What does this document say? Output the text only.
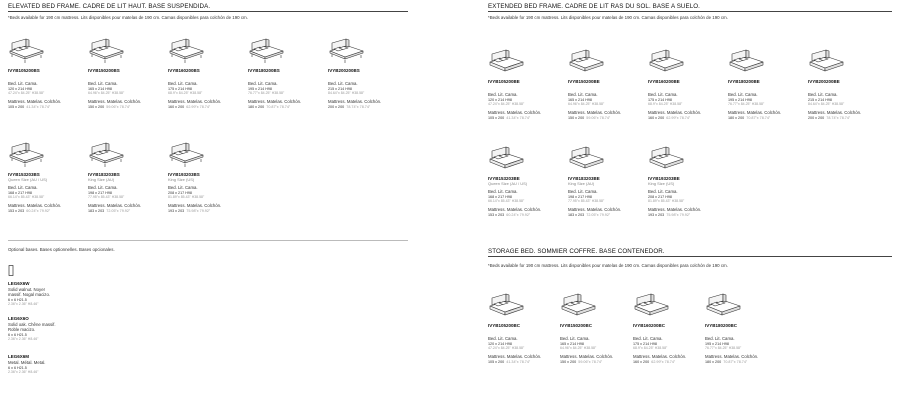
ELEVATED BED FRAME. CADRE DE LIT HAUT. BASE SUSPENDIDA.
*Beds available for 190 cm mattress. Lits disponibles pour matelas de 190 cm. Camas disponibles para colchón de 190 cm.
IVYB105200BS
Bed. Lit. Cama.
120 x 214 H98
47.24"x 84.25" H38.58"
Mattress. Matelas. Colchón.
105 x 200 41.34"x 78.74"
IVYB150200BS
Bed. Lit. Cama.
165 x 214 H98
64.96"x 84.25" H38.58"
Mattress. Matelas. Colchón.
150 x 200 59.06"x 78.74"
IVYB160200BS
Bed. Lit. Cama.
175 x 214 H98
68.9"x 84.25" H38.58"
Mattress. Matelas. Colchón.
160 x 200 62.99"x 78.74"
IVYB180200BS
Bed. Lit. Cama.
195 x 214 H98
76.77"x 84.25" H38.58"
Mattress. Matelas. Colchón.
180 x 200 70.87"x 78.74"
IVYB200200BS
Bed. Lit. Cama.
215 x 214 H98
84.64"x 84.25" H38.58"
Mattress. Matelas. Colchón.
200 x 200 78.74"x 78.74"
IVYB153203BS
Queen Size (AU / US)
Bed. Lit. Cama.
168 x 217 H98
66.14"x 85.43" H38.58"
Mattress. Matelas. Colchón.
153 x 203 60.24"x 79.92"
IVYB183203BS
King Size (AU)
Bed. Lit. Cama.
198 x 217 H98
77.95"x 85.43" H38.58"
Mattress. Matelas. Colchón.
183 x 203 72.05"x 79.92"
IVYB193203BS
King Size (US)
Bed. Lit. Cama.
208 x 217 H98
81.89"x 85.43" H38.58"
Mattress. Matelas. Colchón.
193 x 203 75.98"x 79.92"
Optional bases. Bases optionnelles. Bases opcionales.
LEG6X6W
Solid walnut. Noyer
massif. Nogal macizo.
6 x 6 H21.5
2.36"x 2.36" H8.46"
LEG6X6O
Solid oak. Chêne massif.
Roble macizo.
6 x 6 H21.5
2.36"x 2.36" H8.46"
LEG6X6M
Metal. Métal. Metal.
6 x 6 H21.5
2.36"x 2.36" H8.46"
EXTENDED BED FRAME. CADRE DE LIT RAS DU SOL. BASE A SUELO.
*Beds available for 190 cm mattress. Lits disponibles pour matelas de 190 cm. Camas disponibles para colchón de 190 cm.
IVYB105200BE
Bed. Lit. Cama.
120 x 214 H98
47.24"x 84.25" H38.58"
Mattress. Matelas. Colchón.
105 x 200 41.34"x 78.74"
IVYB150200BE
Bed. Lit. Cama.
165 x 214 H98
64.96"x 84.25" H38.58"
Mattress. Matelas. Colchón.
150 x 200 59.06"x 78.74"
IVYB160200BE
Bed. Lit. Cama.
175 x 214 H98
68.9"x 84.25" H38.58"
Mattress. Matelas. Colchón.
160 x 200 62.99"x 78.74"
IVYB180200BE
Bed. Lit. Cama.
195 x 214 H98
76.77"x 84.25" H38.58"
Mattress. Matelas. Colchón.
180 x 200 70.87"x 78.74"
IVYB200200BE
Bed. Lit. Cama.
215 x 214 H98
84.64"x 84.25" H38.58"
Mattress. Matelas. Colchón.
200 x 200 78.74"x 78.74"
IVYB153203BE
Queen Size (AU / US)
Bed. Lit. Cama.
168 x 217 H98
66.14"x 85.43" H38.58"
Mattress. Matelas. Colchón.
153 x 203 60.24"x 79.92"
IVYB183203BE
King Size (AU)
Bed. Lit. Cama.
198 x 217 H98
77.95"x 85.43" H38.58"
Mattress. Matelas. Colchón.
183 x 203 72.05"x 79.92"
IVYB193203BE
King Size (US)
Bed. Lit. Cama.
208 x 217 H98
81.89"x 85.43" H38.58"
Mattress. Matelas. Colchón.
193 x 203 75.98"x 79.92"
STORAGE BED. SOMMIER COFFRE. BASE CONTENEDOR.
*Beds available for 190 cm mattress. Lits disponibles pour matelas de 190 cm. Camas disponibles para colchón de 190 cm.
IVYB105200BC
Bed. Lit. Cama.
120 x 214 H98
47.24"x 84.25" H38.58"
Mattress. Matelas. Colchón.
105 x 200 41.34"x 78.74"
IVYB150200BC
Bed. Lit. Cama.
165 x 214 H98
64.96"x 84.25" H38.58"
Mattress. Matelas. Colchón.
150 x 200 59.06"x 78.74"
IVYB160200BC
Bed. Lit. Cama.
175 x 214 H98
68.9"x 84.25" H38.58"
Mattress. Matelas. Colchón.
160 x 200 62.99"x 78.74"
IVYB180200BC
Bed. Lit. Cama.
195 x 214 H98
76.77"x 84.25" H38.58"
Mattress. Matelas. Colchón.
180 x 200 70.87"x 78.74"
